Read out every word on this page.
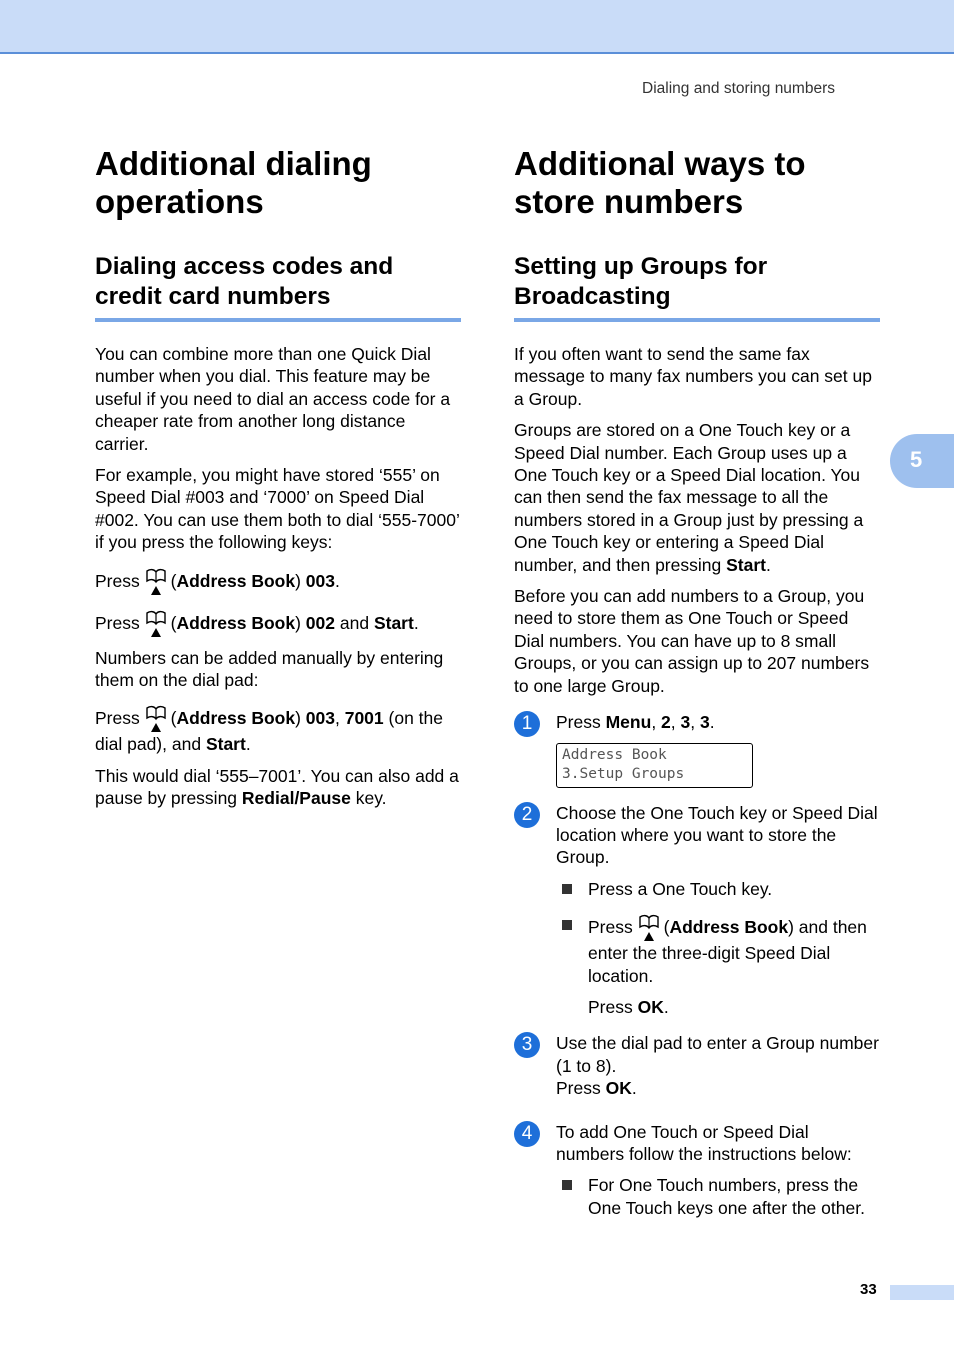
Dialing and storing numbers
5
33
Additional dialing operations
Dialing access codes and credit card numbers

You can combine more than one Quick Dial number when you dial. This feature may be useful if you need to dial an access code for a cheaper rate from another long distance carrier.

For example, you might have stored ‘555’ on Speed Dial #003 and ‘7000’ on Speed Dial #002. You can use them both to dial ‘555-7000’ if you press the following keys:

Press (Address Book) 003.

Press (Address Book) 002 and Start.

Numbers can be added manually by entering them on the dial pad:

Press (Address Book) 003, 7001 (on the dial pad), and Start.

This would dial ‘555–7001’. You can also add a pause by pressing Redial/Pause key.

Additional ways to store numbers
Setting up Groups for Broadcasting

If you often want to send the same fax message to many fax numbers you can set up a Group.

Groups are stored on a One Touch key or a Speed Dial number. Each Group uses up a One Touch key or a Speed Dial location. You can then send the fax message to all the numbers stored in a Group just by pressing a One Touch key or entering a Speed Dial number, and then pressing Start.

Before you can add numbers to a Group, you need to store them as One Touch or Speed Dial numbers. You can have up to 8 small Groups, or you can assign up to 207 numbers to one large Group.

1	Press Menu, 2, 3, 3.

Address Book
3.Setup Groups
2	Choose the One Touch key or Speed Dial location where you want to store the Group.

Press a One Touch key.

Press (Address Book) and then enter the three-digit Speed Dial location.

Press OK.

3	Use the dial pad to enter a Group number (1 to 8).

Press OK.

4	To add One Touch or Speed Dial numbers follow the instructions below:

For One Touch numbers, press the One Touch keys one after the other.
